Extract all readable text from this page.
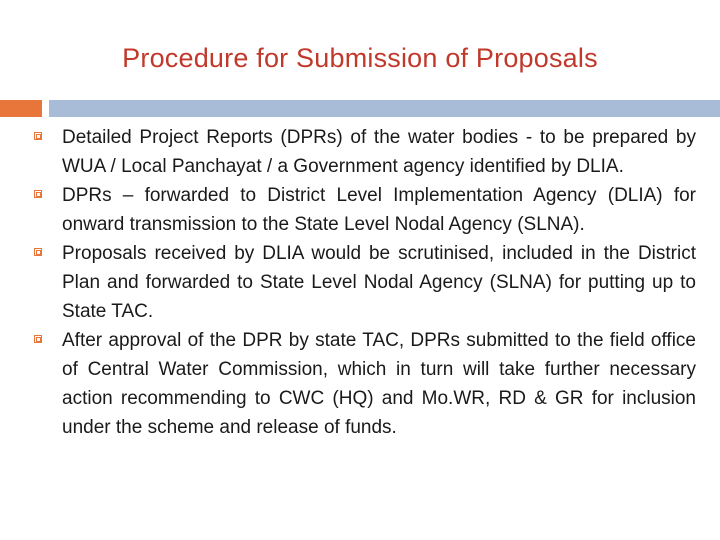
Procedure for Submission of Proposals
Detailed Project Reports (DPRs) of the water bodies - to be prepared by WUA / Local Panchayat / a Government agency identified by DLIA.
DPRs – forwarded to District Level Implementation Agency (DLIA) for onward transmission to the State Level Nodal Agency (SLNA).
Proposals received by DLIA would be scrutinised, included in the District Plan and forwarded to State Level Nodal Agency (SLNA) for putting up to State TAC.
After approval of the DPR by state TAC, DPRs submitted to the field office of Central Water Commission, which in turn will take further necessary action recommending to CWC (HQ) and Mo.WR, RD & GR for inclusion under the scheme and release of funds.
